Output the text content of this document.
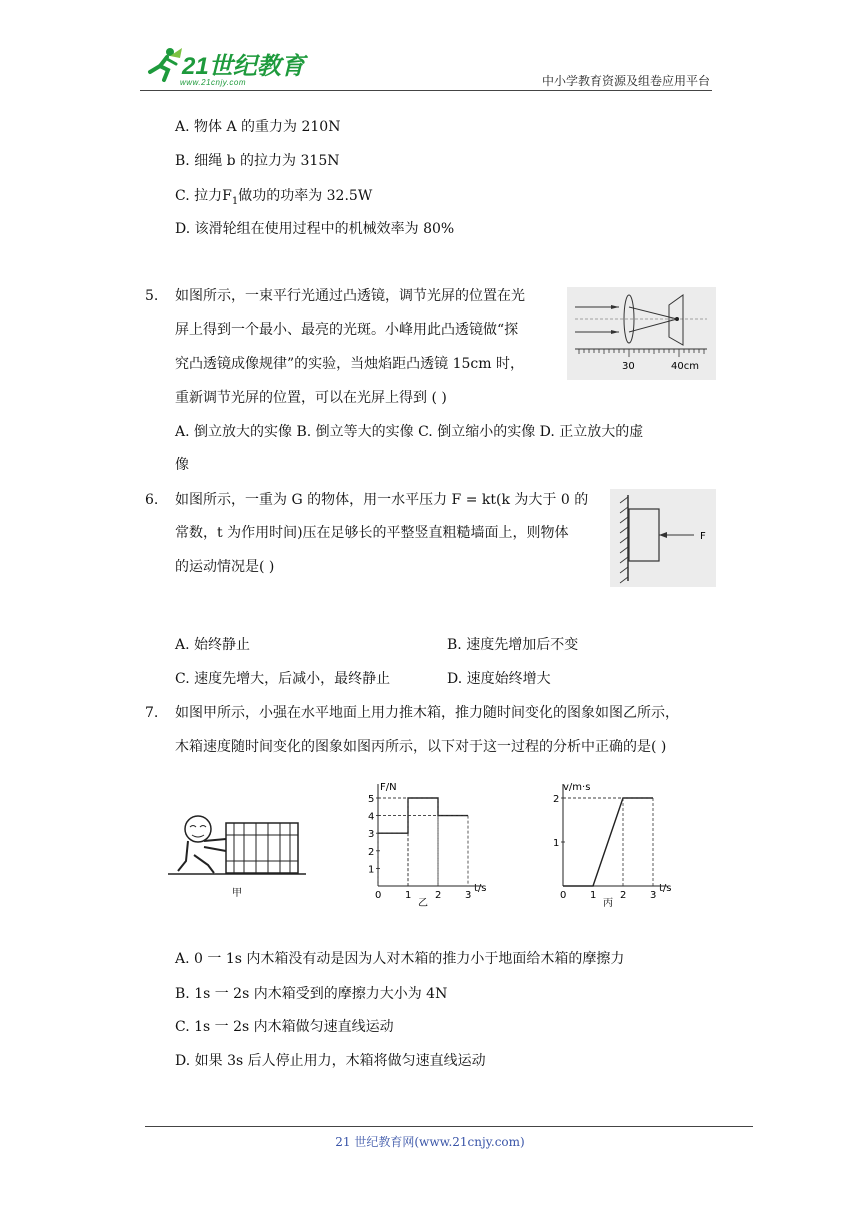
21世纪教育
www.21cnjy.com	中小学教育资源及组卷应用平台
A. 物体 A 的重力为 210N
B. 细绳 b 的拉力为 315N
C. 拉力$F_1$做功的功率为 32.5W
D. 该滑轮组在使用过程中的机械效率为 80%
5. 如图所示，一束平行光通过凸透镜，调节光屏的位置在光
屏上得到一个最小、最亮的光斑。小峰用此凸透镜做“探
究凸透镜成像规律”的实验，当烛焰距凸透镜 15cm 时，
重新调节光屏的位置，可以在光屏上得到 ( )
30	40cm
A. 倒立放大的实像 B. 倒立等大的实像 C. 倒立缩小的实像 D. 正立放大的虚
像
6. 如图所示，一重为 G 的物体，用一水平压力 F = kt(k 为大于 0 的
常数，t 为作用时间)压在足够长的平整竖直粗糙墙面上，则物体
的运动情况是( )
F
A. 始终静止	B. 速度先增加后不变
C. 速度先增大，后减小，最终静止	D. 速度始终增大
7. 如图甲所示，小强在水平地面上用力推木箱，推力随时间变化的图象如图乙所示，
木箱速度随时间变化的图象如图丙所示，以下对于这一过程的分析中正确的是( )
甲
F/N
t/s
乙
0 1 2 3
1
2
3
4
5
v/m·s
t/s
丙
0 1 2 3
1
2
A. 0 一 1s 内木箱没有动是因为人对木箱的推力小于地面给木箱的摩擦力
B. 1s 一 2s 内木箱受到的摩擦力大小为 4N
C. 1s 一 2s 内木箱做匀速直线运动
D. 如果 3s 后人停止用力，木箱将做匀速直线运动
21 世纪教育网(www.21cnjy.com)
